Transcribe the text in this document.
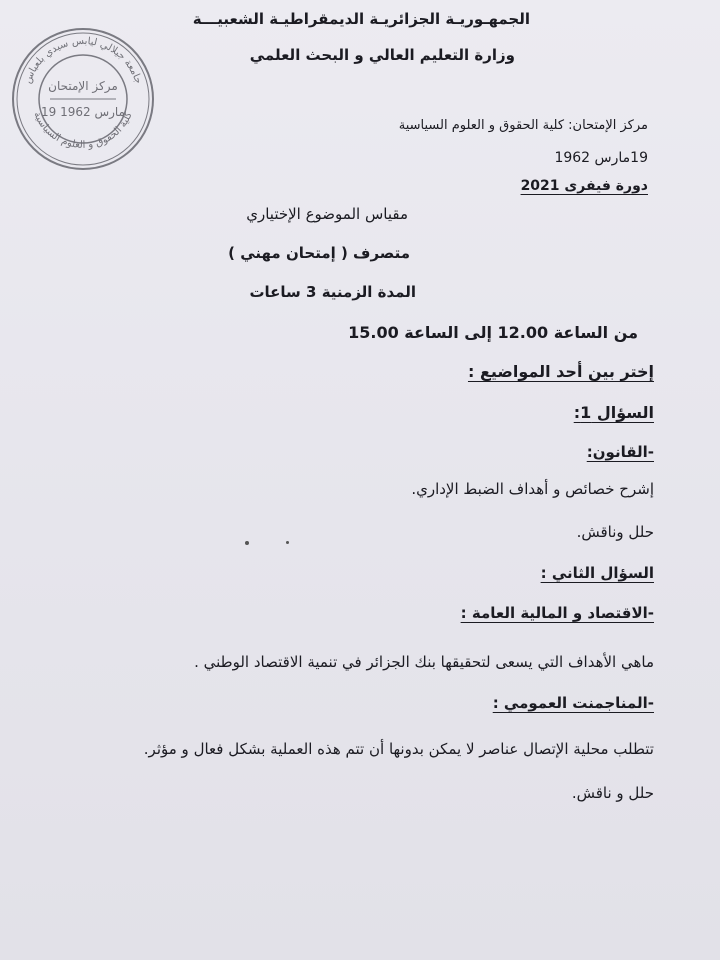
جامعة جيلالي ليابس سيدي بلعباس
كلية الحقوق و العلوم السياسية
مركز الإمتحان
19 مارس 1962
الجمهـوريـة الجزائريـة الديمقراطيـة الشعبيـــة
وزارة التعليم العالي و البحث العلمي
مركز الإمتحان: كلية الحقوق و العلوم السياسية
19مارس 1962
دورة فيفرى 2021
مقياس الموضوع الإختياري
متصرف ( إمتحان مهني )
المدة الزمنية 3 ساعات
من الساعة 12.00 إلى الساعة 15.00
إختر بين أحد المواضيع :
السؤال 1:
-القانون:
إشرح خصائص و أهداف الضبط الإداري.
حلل وناقش.
السؤال الثاني :
-الاقتصاد و المالية العامة :
ماهي الأهداف التي يسعى لتحقيقها بنك الجزائر في تنمية الاقتصاد الوطني .
-المناجمنت العمومي :
تتطلب محلية الإتصال عناصر لا يمكن بدونها أن تتم هذه العملية بشكل فعال و مؤثر.
حلل و ناقش.
